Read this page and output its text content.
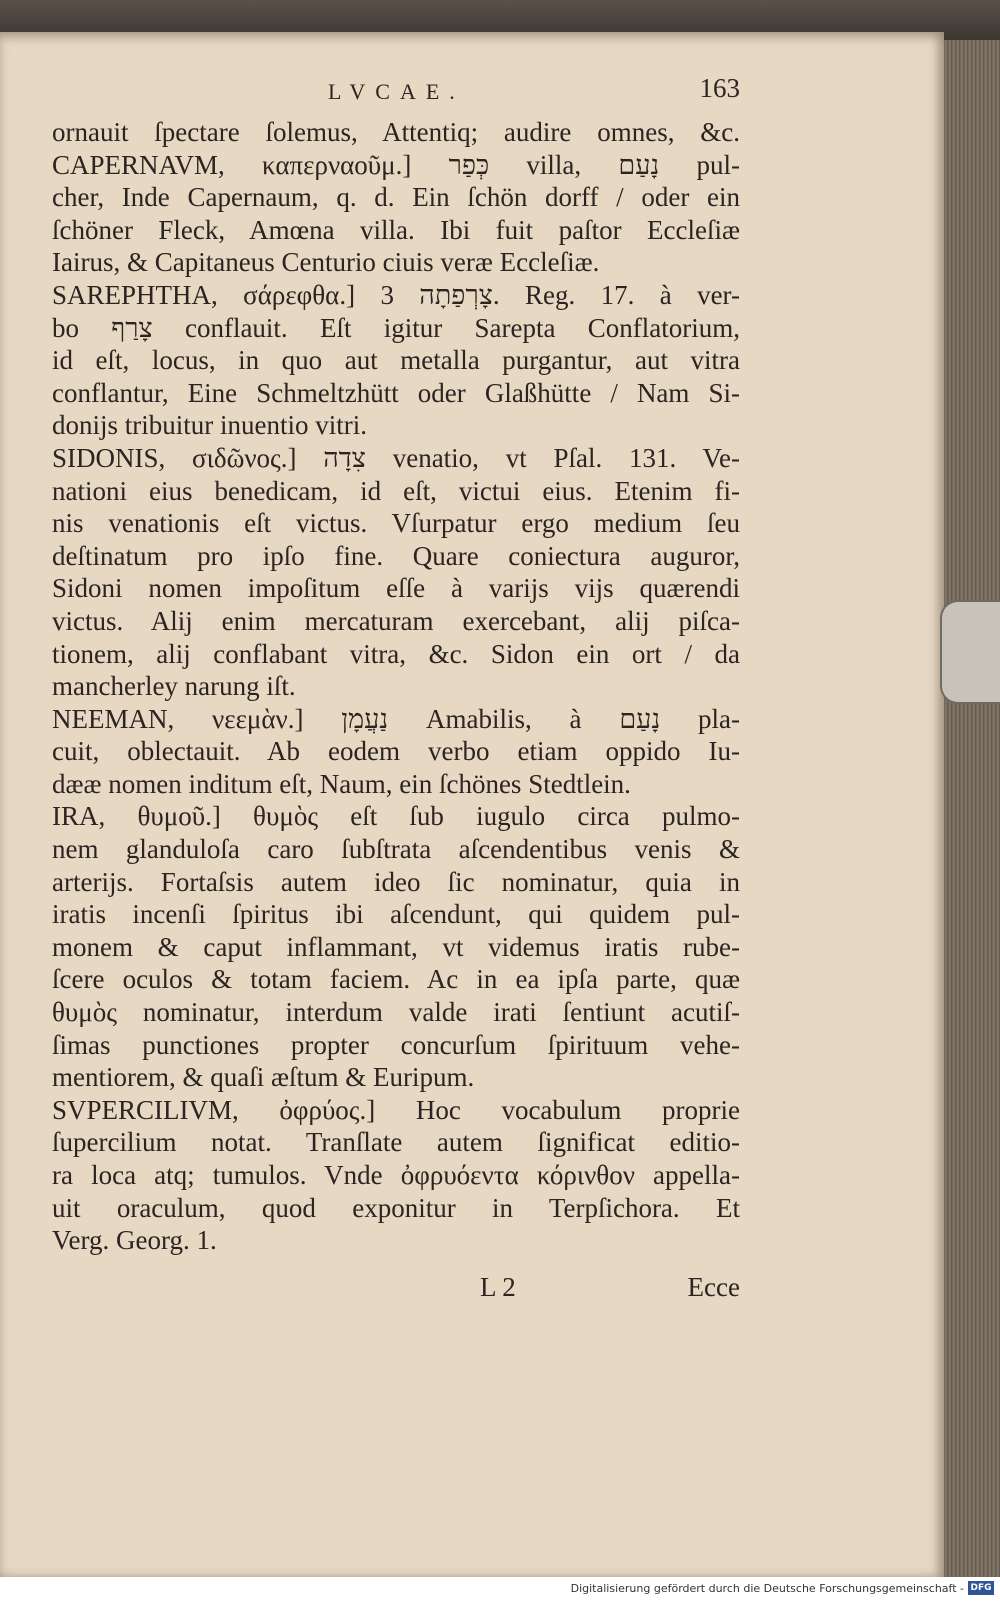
LVCAE.	163
ornauit ſpectare ſolemus, Attentiq; audire omnes, &c.
CAPERNAVM, καπερναοῦμ.] כְּפַר villa, נָעַם pul-
cher, Inde Capernaum, q. d. Ein ſchön dorff / oder ein
ſchöner Fleck, Amœna villa. Ibi fuit paſtor Eccleſiæ
Iairus, & Capitaneus Centurio ciuis veræ Eccleſiæ.
SAREPHTHA, σάρεφθα.] צָרְפַתָה 3. Reg. 17. à ver-
bo צָרַף conflauit. Eſt igitur Sarepta Conflatorium,
id eſt, locus, in quo aut metalla purgantur, aut vitra
conflantur, Eine Schmeltzhütt oder Glaßhütte / Nam Si-
donijs tribuitur inuentio vitri.
SIDONIS, σιδῶνος.] צִדָה venatio, vt Pſal. 131. Ve-
nationi eius benedicam, id eſt, victui eius. Etenim fi-
nis venationis eſt victus. Vſurpatur ergo medium ſeu
deſtinatum pro ipſo fine. Quare coniectura auguror,
Sidoni nomen impoſitum eſſe à varijs vijs quærendi
victus. Alij enim mercaturam exercebant, alij piſca-
tionem, alij conflabant vitra, &c. Sidon ein ort / da
mancherley narung iſt.
NEEMAN, νεεμὰν.] נַעֲמָן Amabilis, à נָעַם pla-
cuit, oblectauit. Ab eodem verbo etiam oppido Iu-
dææ nomen inditum eſt, Naum, ein ſchönes Stedtlein.
IRA, θυμοῦ.] θυμὸς eſt ſub iugulo circa pulmo-
nem glanduloſa caro ſubſtrata aſcendentibus venis &
arterijs. Fortaſsis autem ideo ſic nominatur, quia in
iratis incenſi ſpiritus ibi aſcendunt, qui quidem pul-
monem & caput inflammant, vt videmus iratis rube-
ſcere oculos & totam faciem. Ac in ea ipſa parte, quæ
θυμὸς nominatur, interdum valde irati ſentiunt acutiſ-
ſimas punctiones propter concurſum ſpirituum vehe-
mentiorem, & quaſi æſtum & Euripum.
SVPERCILIVM, ὀφρύος.] Hoc vocabulum proprie
ſupercilium notat. Tranſlate autem ſignificat editio-
ra loca atq; tumulos. Vnde ὀφρυόεντα κόρινθον appella-
uit oraculum, quod exponitur in Terpſichora. Et
Verg. Georg. 1.
L 2	Ecce
Digitalisierung gefördert durch die Deutsche Forschungsgemeinschaft - DFG
